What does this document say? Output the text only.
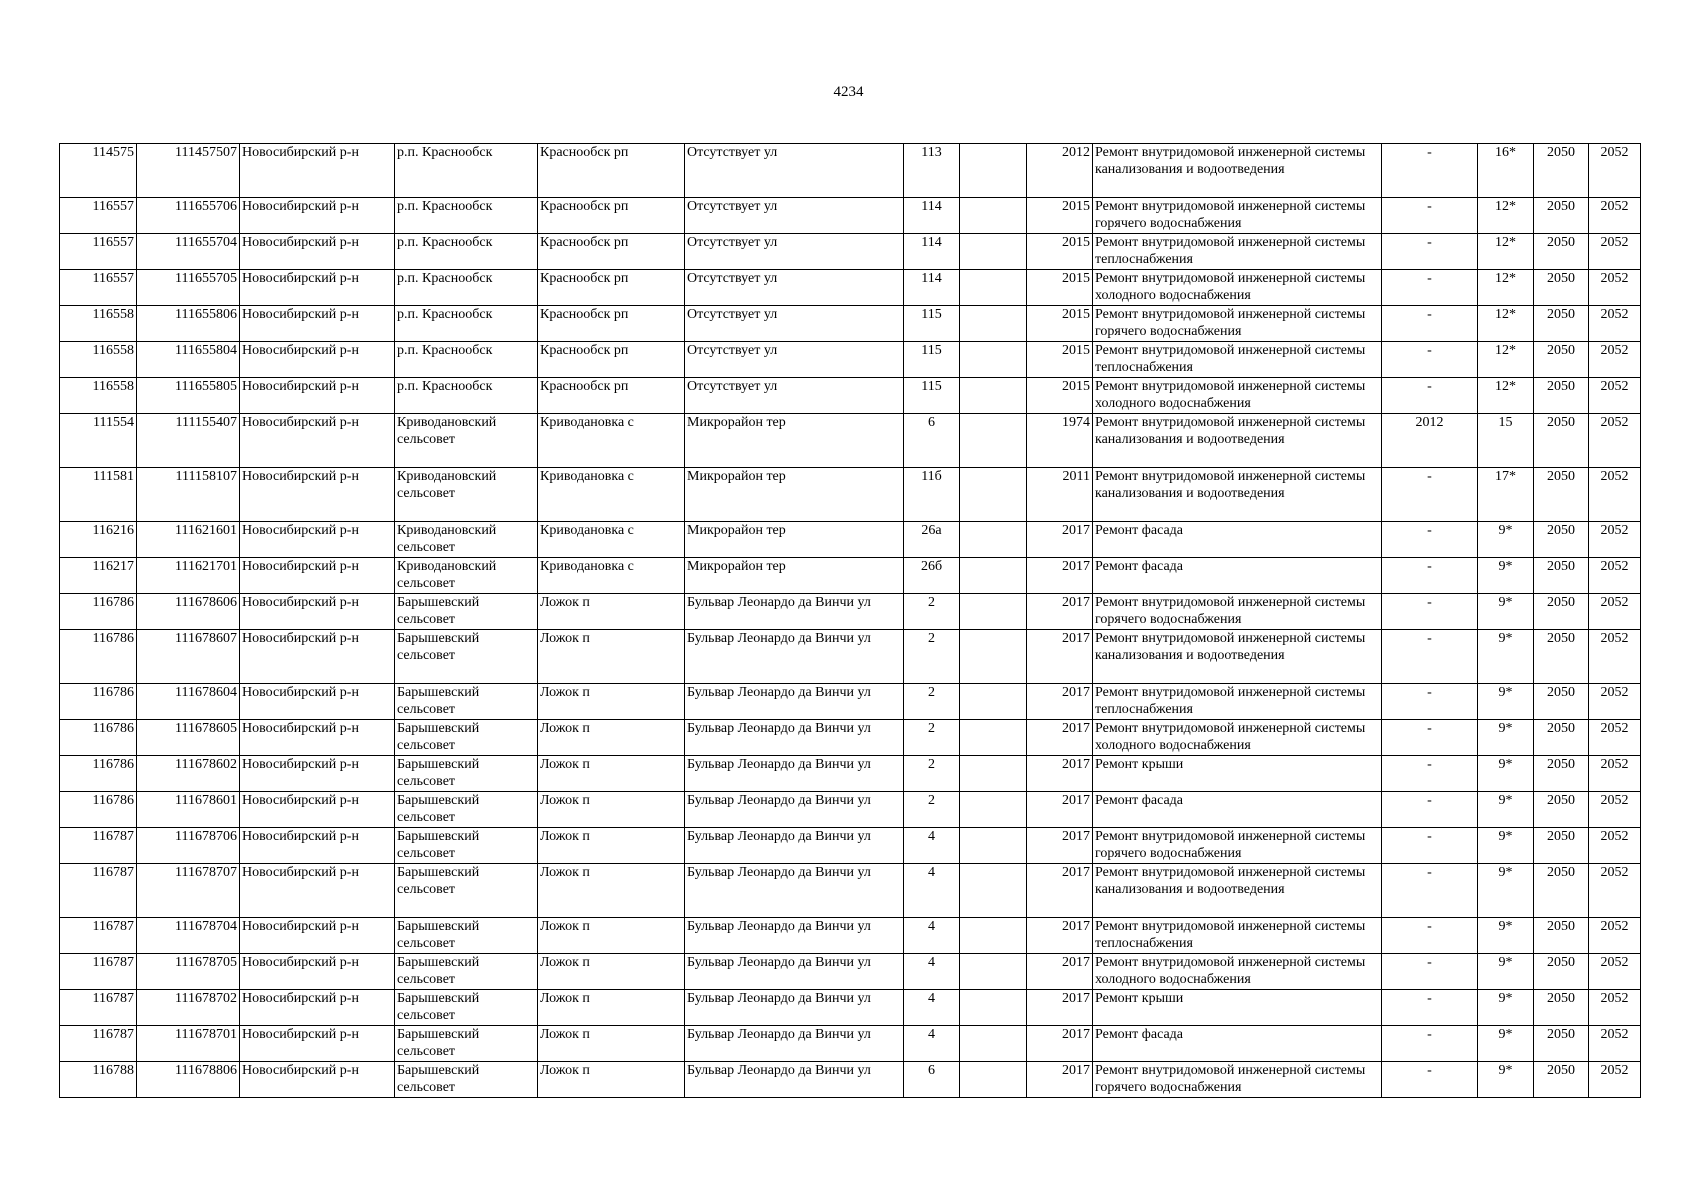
4234
114575	111457507	Новосибирский р-н	р.п. Краснообск	Краснообск рп	Отсутствует ул	113		2012	Ремонт внутридомовой инженерной системы канализования и водоотведения	-	16*	2050	2052
116557	111655706	Новосибирский р-н	р.п. Краснообск	Краснообск рп	Отсутствует ул	114		2015	Ремонт внутридомовой инженерной системы горячего водоснабжения	-	12*	2050	2052
116557	111655704	Новосибирский р-н	р.п. Краснообск	Краснообск рп	Отсутствует ул	114		2015	Ремонт внутридомовой инженерной системы теплоснабжения	-	12*	2050	2052
116557	111655705	Новосибирский р-н	р.п. Краснообск	Краснообск рп	Отсутствует ул	114		2015	Ремонт внутридомовой инженерной системы холодного водоснабжения	-	12*	2050	2052
116558	111655806	Новосибирский р-н	р.п. Краснообск	Краснообск рп	Отсутствует ул	115		2015	Ремонт внутридомовой инженерной системы горячего водоснабжения	-	12*	2050	2052
116558	111655804	Новосибирский р-н	р.п. Краснообск	Краснообск рп	Отсутствует ул	115		2015	Ремонт внутридомовой инженерной системы теплоснабжения	-	12*	2050	2052
116558	111655805	Новосибирский р-н	р.п. Краснообск	Краснообск рп	Отсутствует ул	115		2015	Ремонт внутридомовой инженерной системы холодного водоснабжения	-	12*	2050	2052
111554	111155407	Новосибирский р-н	Криводановский сельсовет	Криводановка с	Микрорайон тер	6		1974	Ремонт внутридомовой инженерной системы канализования и водоотведения	2012	15	2050	2052
111581	111158107	Новосибирский р-н	Криводановский сельсовет	Криводановка с	Микрорайон тер	11б		2011	Ремонт внутридомовой инженерной системы канализования и водоотведения	-	17*	2050	2052
116216	111621601	Новосибирский р-н	Криводановский сельсовет	Криводановка с	Микрорайон тер	26а		2017	Ремонт фасада	-	9*	2050	2052
116217	111621701	Новосибирский р-н	Криводановский сельсовет	Криводановка с	Микрорайон тер	26б		2017	Ремонт фасада	-	9*	2050	2052
116786	111678606	Новосибирский р-н	Барышевский сельсовет	Ложок п	Бульвар Леонардо да Винчи ул	2		2017	Ремонт внутридомовой инженерной системы горячего водоснабжения	-	9*	2050	2052
116786	111678607	Новосибирский р-н	Барышевский сельсовет	Ложок п	Бульвар Леонардо да Винчи ул	2		2017	Ремонт внутридомовой инженерной системы канализования и водоотведения	-	9*	2050	2052
116786	111678604	Новосибирский р-н	Барышевский сельсовет	Ложок п	Бульвар Леонардо да Винчи ул	2		2017	Ремонт внутридомовой инженерной системы теплоснабжения	-	9*	2050	2052
116786	111678605	Новосибирский р-н	Барышевский сельсовет	Ложок п	Бульвар Леонардо да Винчи ул	2		2017	Ремонт внутридомовой инженерной системы холодного водоснабжения	-	9*	2050	2052
116786	111678602	Новосибирский р-н	Барышевский сельсовет	Ложок п	Бульвар Леонардо да Винчи ул	2		2017	Ремонт крыши	-	9*	2050	2052
116786	111678601	Новосибирский р-н	Барышевский сельсовет	Ложок п	Бульвар Леонардо да Винчи ул	2		2017	Ремонт фасада	-	9*	2050	2052
116787	111678706	Новосибирский р-н	Барышевский сельсовет	Ложок п	Бульвар Леонардо да Винчи ул	4		2017	Ремонт внутридомовой инженерной системы горячего водоснабжения	-	9*	2050	2052
116787	111678707	Новосибирский р-н	Барышевский сельсовет	Ложок п	Бульвар Леонардо да Винчи ул	4		2017	Ремонт внутридомовой инженерной системы канализования и водоотведения	-	9*	2050	2052
116787	111678704	Новосибирский р-н	Барышевский сельсовет	Ложок п	Бульвар Леонардо да Винчи ул	4		2017	Ремонт внутридомовой инженерной системы теплоснабжения	-	9*	2050	2052
116787	111678705	Новосибирский р-н	Барышевский сельсовет	Ложок п	Бульвар Леонардо да Винчи ул	4		2017	Ремонт внутридомовой инженерной системы холодного водоснабжения	-	9*	2050	2052
116787	111678702	Новосибирский р-н	Барышевский сельсовет	Ложок п	Бульвар Леонардо да Винчи ул	4		2017	Ремонт крыши	-	9*	2050	2052
116787	111678701	Новосибирский р-н	Барышевский сельсовет	Ложок п	Бульвар Леонардо да Винчи ул	4		2017	Ремонт фасада	-	9*	2050	2052
116788	111678806	Новосибирский р-н	Барышевский сельсовет	Ложок п	Бульвар Леонардо да Винчи ул	6		2017	Ремонт внутридомовой инженерной системы горячего водоснабжения	-	9*	2050	2052
